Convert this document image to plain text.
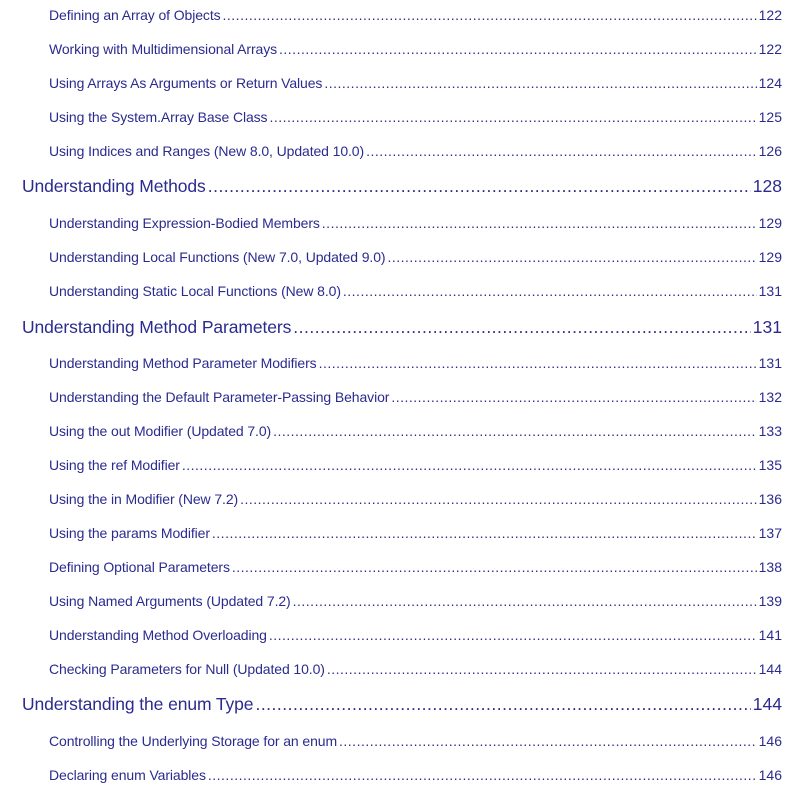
Defining an Array of Objects .....	122
Working with Multidimensional Arrays .....	122
Using Arrays As Arguments or Return Values .....	124
Using the System.Array Base Class .....	125
Using Indices and Ranges (New 8.0, Updated 10.0) .....	126
Understanding Methods .....	128
Understanding Expression-Bodied Members .....	129
Understanding Local Functions (New 7.0, Updated 9.0) .....	129
Understanding Static Local Functions (New 8.0) .....	131
Understanding Method Parameters .....	131
Understanding Method Parameter Modifiers .....	131
Understanding the Default Parameter-Passing Behavior .....	132
Using the out Modifier (Updated 7.0) .....	133
Using the ref Modifier .....	135
Using the in Modifier (New 7.2) .....	136
Using the params Modifier .....	137
Defining Optional Parameters .....	138
Using Named Arguments (Updated 7.2) .....	139
Understanding Method Overloading .....	141
Checking Parameters for Null (Updated 10.0) .....	144
Understanding the enum Type .....	144
Controlling the Underlying Storage for an enum .....	146
Declaring enum Variables .....	146
